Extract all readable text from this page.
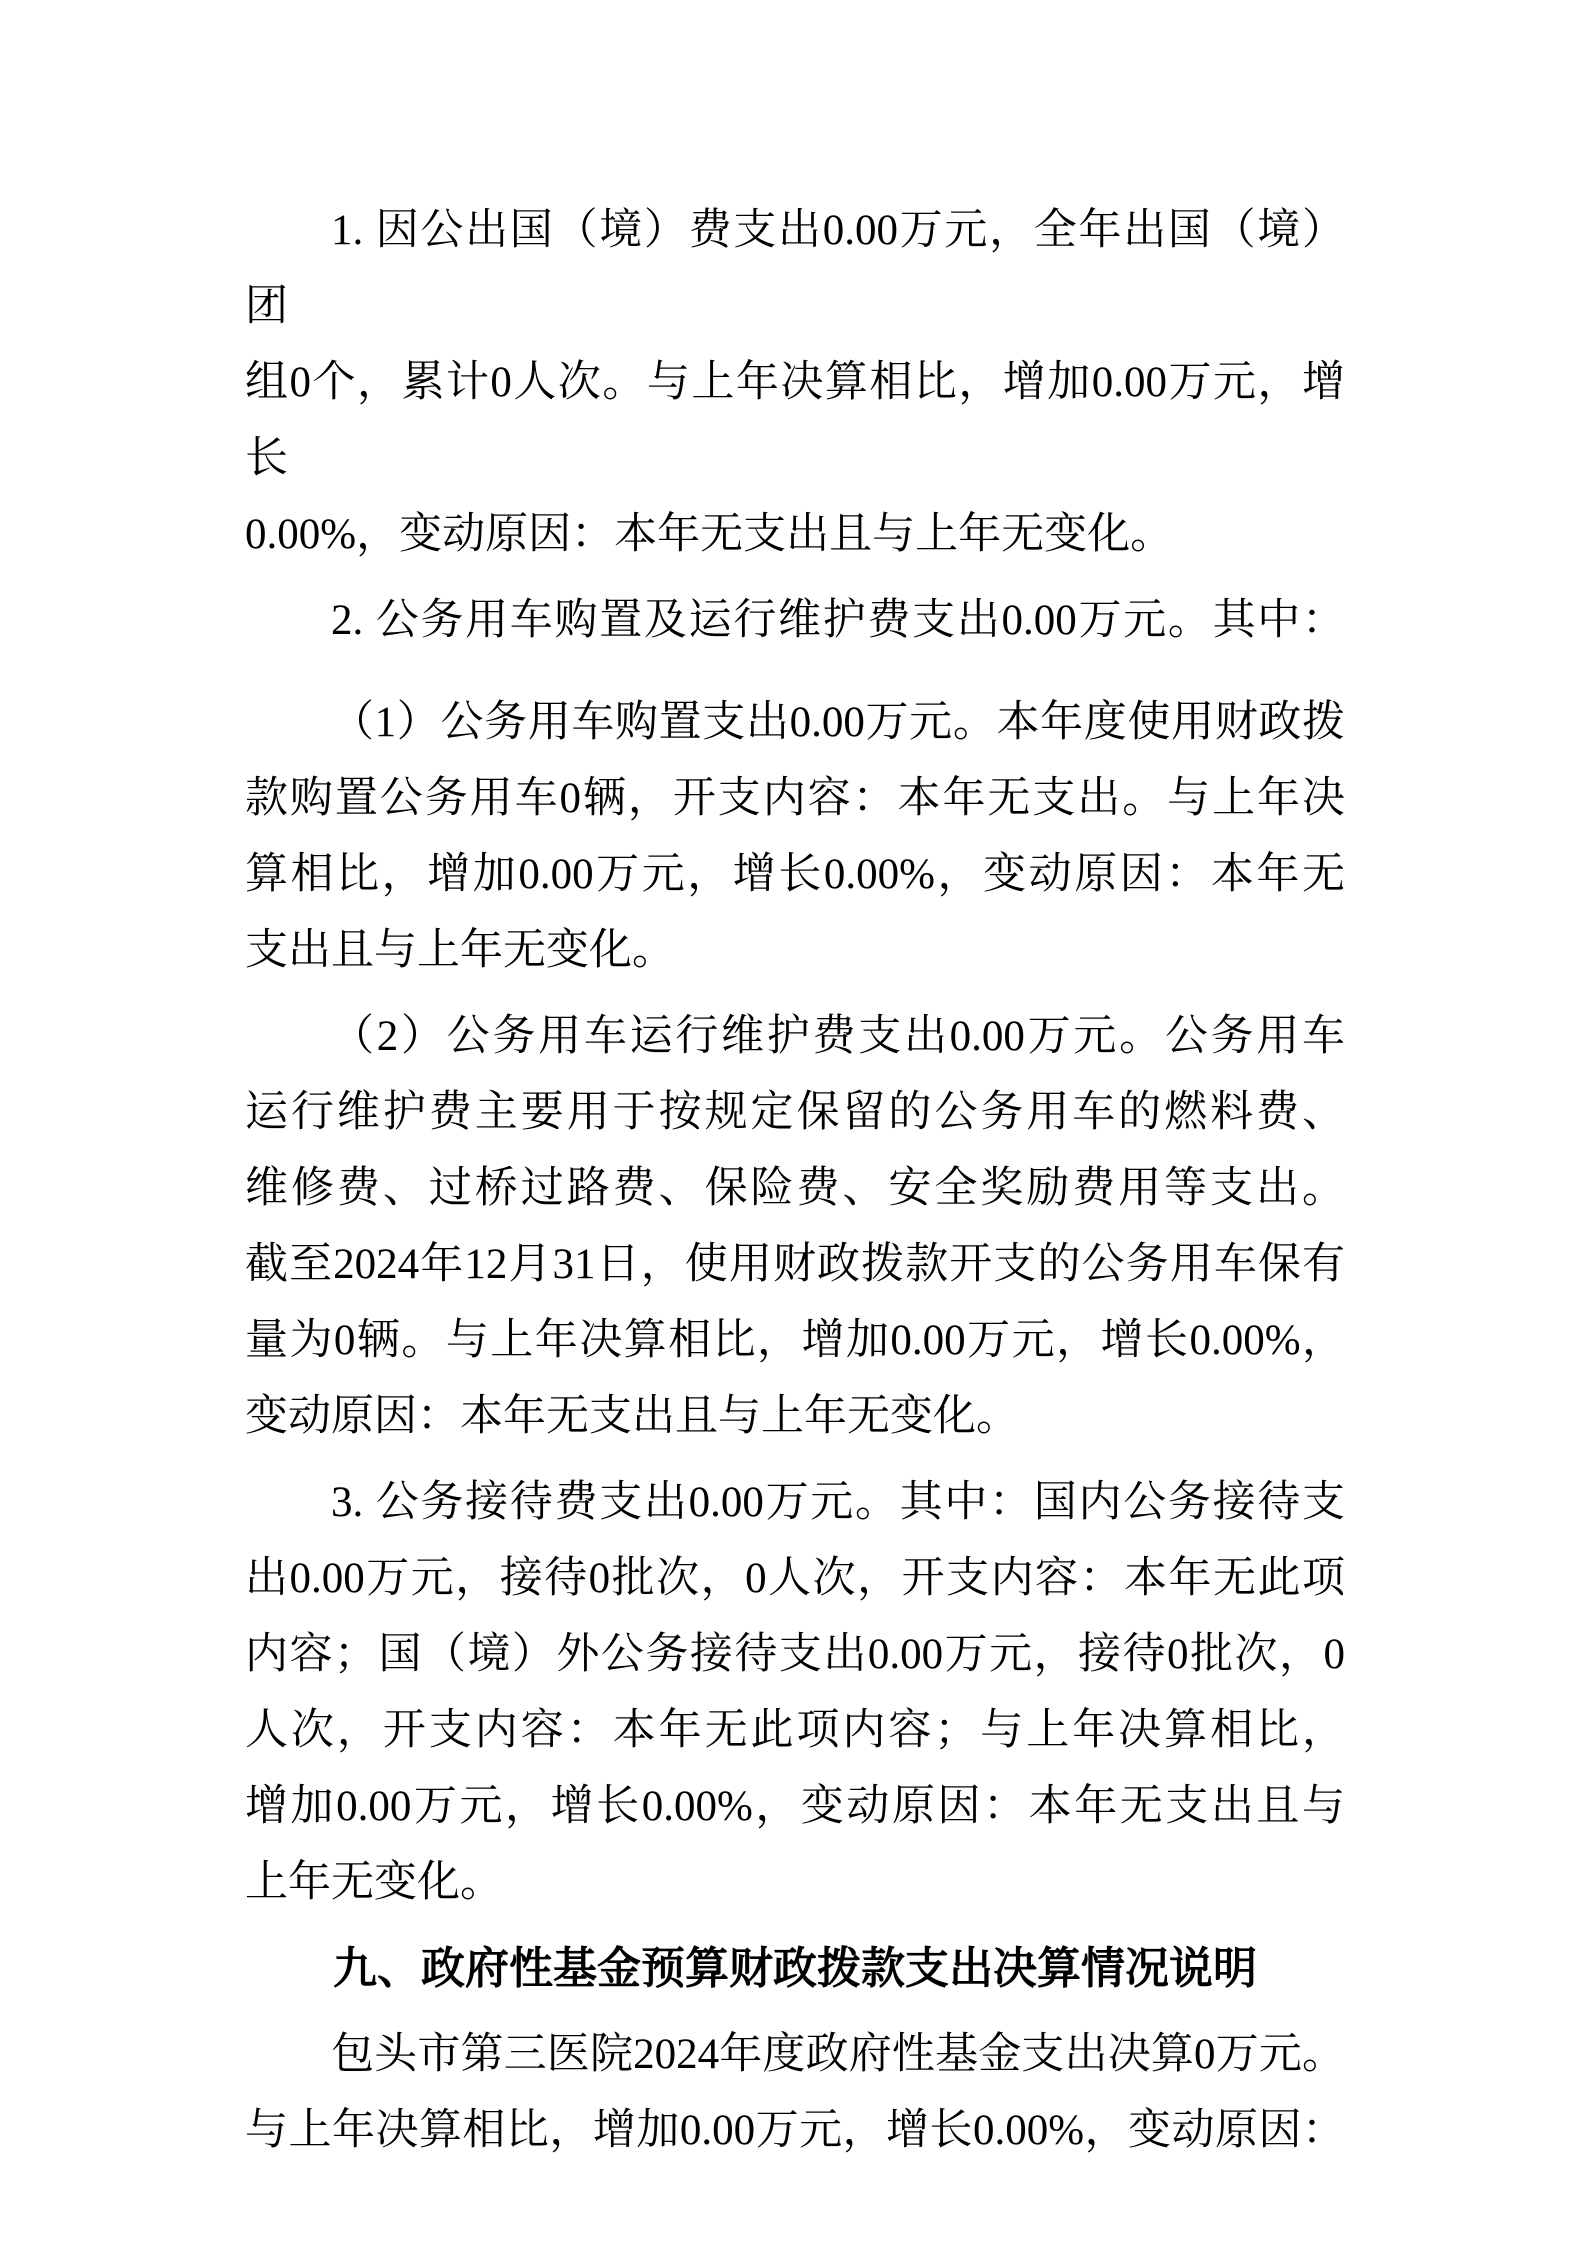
1. 因公出国（境）费支出0.00万元，全年出国（境）团
组0个，累计0人次。与上年决算相比，增加0.00万元，增长
0.00%，变动原因：本年无支出且与上年无变化。
2. 公务用车购置及运行维护费支出0.00万元。其中：
（1）公务用车购置支出0.00万元。本年度使用财政拨
款购置公务用车0辆，开支内容：本年无支出。与上年决
算相比，增加0.00万元，增长0.00%，变动原因：本年无
支出且与上年无变化。
（2）公务用车运行维护费支出0.00万元。公务用车
运行维护费主要用于按规定保留的公务用车的燃料费、
维修费、过桥过路费、保险费、安全奖励费用等支出。
截至2024年12月31日，使用财政拨款开支的公务用车保有
量为0辆。与上年决算相比，增加0.00万元，增长0.00%，
变动原因：本年无支出且与上年无变化。
3. 公务接待费支出0.00万元。其中：国内公务接待支
出0.00万元，接待0批次，0人次，开支内容：本年无此项
内容；国（境）外公务接待支出0.00万元，接待0批次，0
人次，开支内容：本年无此项内容；与上年决算相比，
增加0.00万元，增长0.00%，变动原因：本年无支出且与
上年无变化。
九、政府性基金预算财政拨款支出决算情况说明
包头市第三医院2024年度政府性基金支出决算0万元。
与上年决算相比，增加0.00万元，增长0.00%，变动原因：
